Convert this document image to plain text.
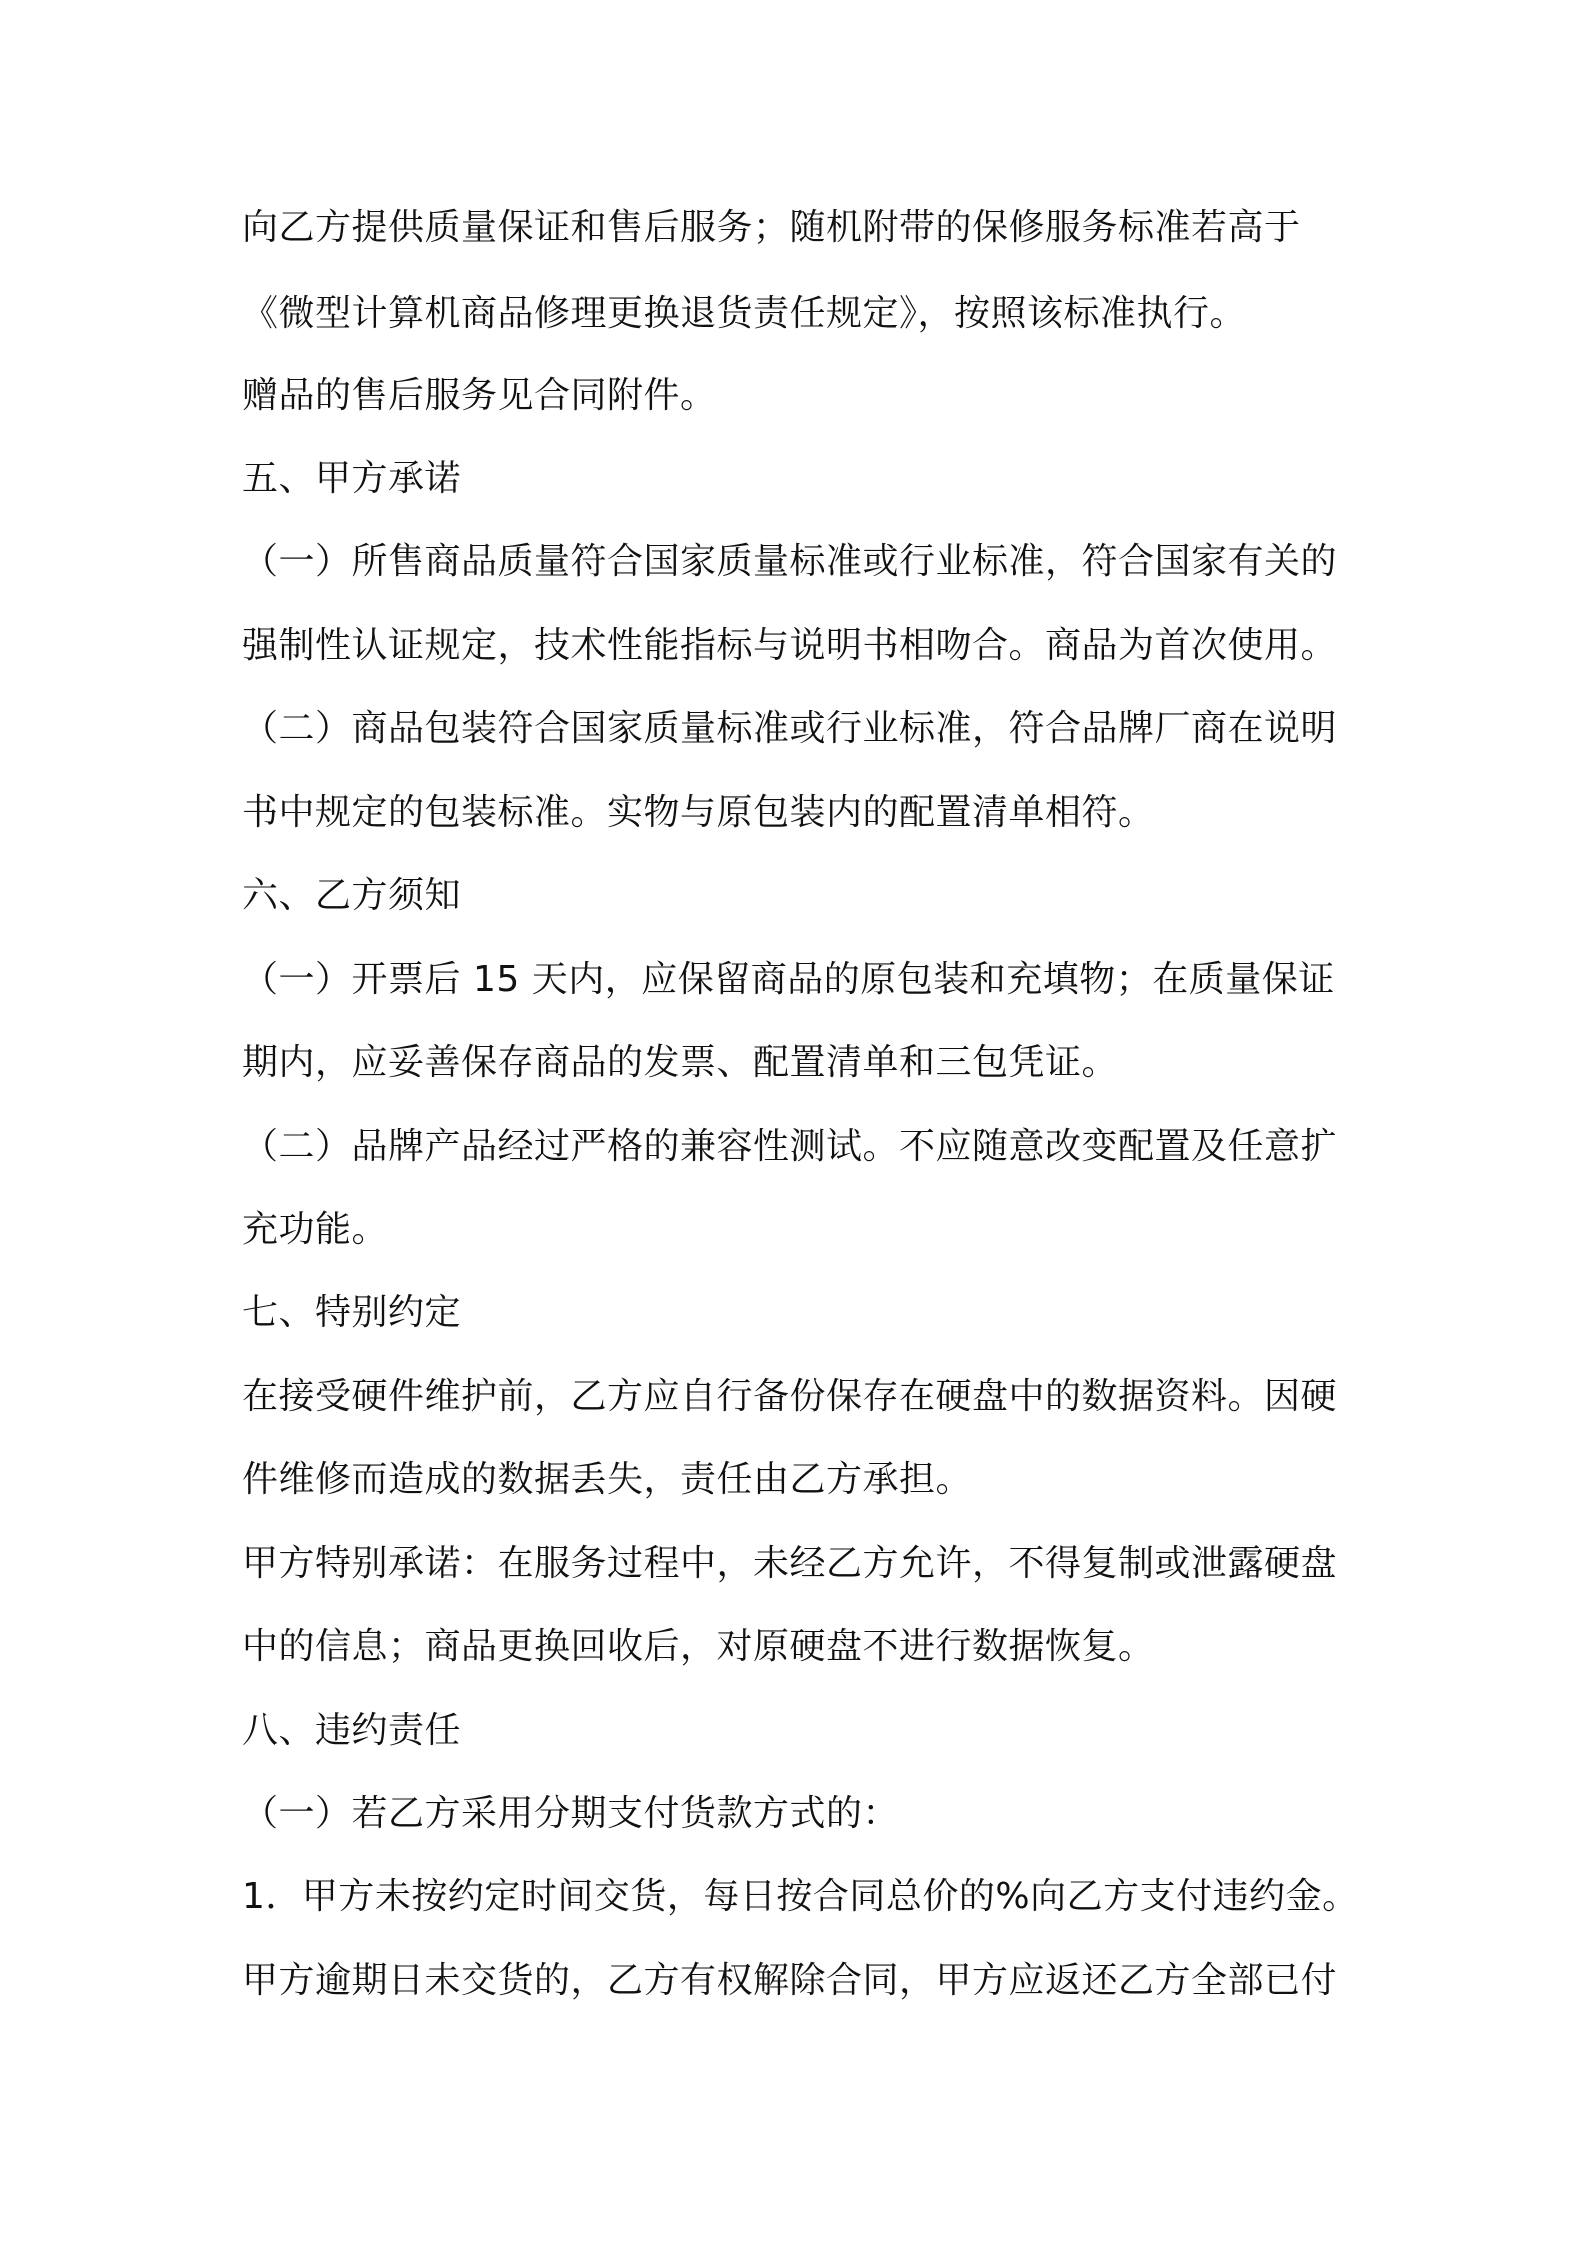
向乙方提供质量保证和售后服务；随机附带的保修服务标准若高于
《微型计算机商品修理更换退货责任规定》，按照该标准执行。
赠品的售后服务见合同附件。
五、甲方承诺
（一）所售商品质量符合国家质量标准或行业标准，符合国家有关的
强制性认证规定，技术性能指标与说明书相吻合。商品为首次使用。
（二）商品包装符合国家质量标准或行业标准，符合品牌厂商在说明
书中规定的包装标准。实物与原包装内的配置清单相符。
六、乙方须知
（一）开票后 15 天内，应保留商品的原包装和充填物；在质量保证
期内，应妥善保存商品的发票、配置清单和三包凭证。
（二）品牌产品经过严格的兼容性测试。不应随意改变配置及任意扩
充功能。
七、特别约定
在接受硬件维护前，乙方应自行备份保存在硬盘中的数据资料。因硬
件维修而造成的数据丢失，责任由乙方承担。
甲方特别承诺：在服务过程中，未经乙方允许，不得复制或泄露硬盘
中的信息；商品更换回收后，对原硬盘不进行数据恢复。
八、违约责任
（一）若乙方采用分期支付货款方式的：
1．甲方未按约定时间交货，每日按合同总价的%向乙方支付违约金。
甲方逾期日未交货的，乙方有权解除合同，甲方应返还乙方全部已付
